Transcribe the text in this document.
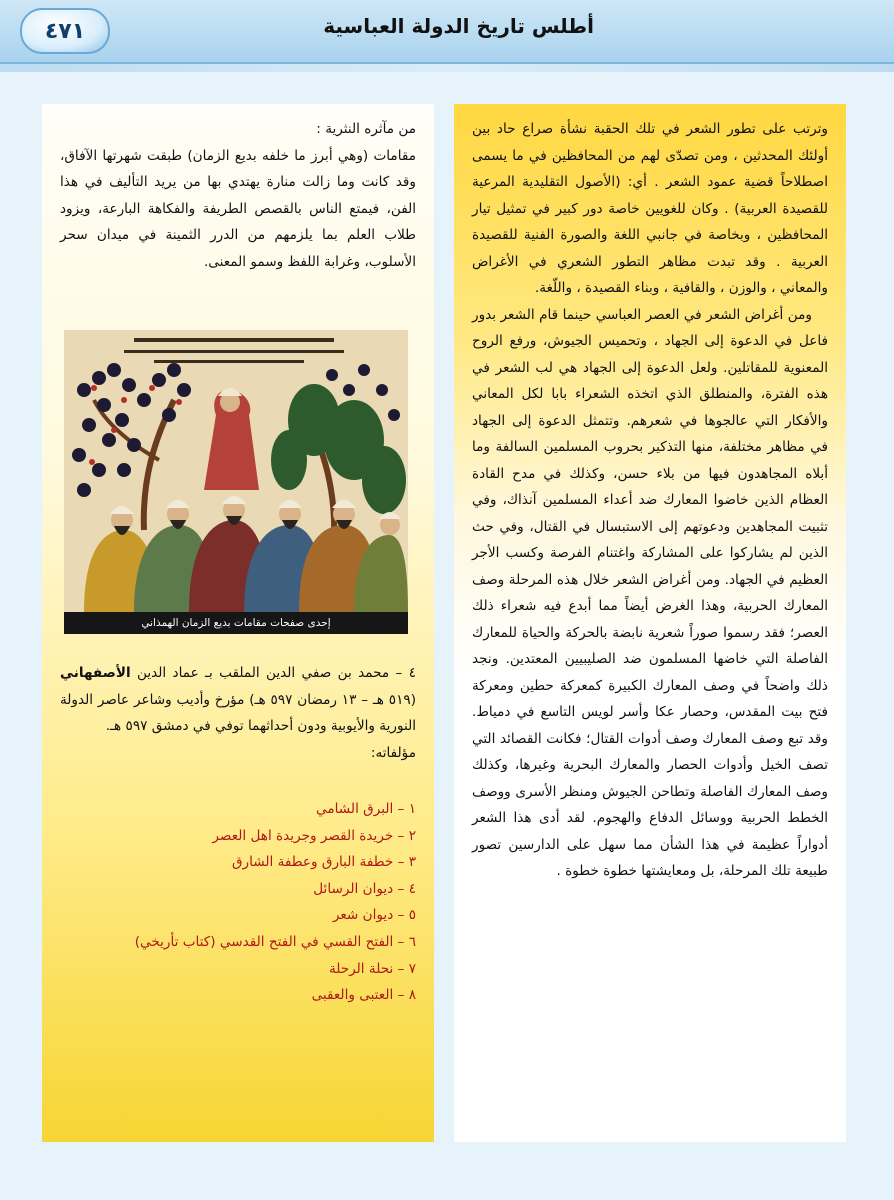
٤٧١	أطلس تاريخ الدولة العباسية

وترتب على تطور الشعر في تلك الحقبة نشأة صراع حاد بين أولئك المحدثين ، ومن تصدّى لهم من المحافظين في ما يسمى اصطلاحاً قضية عمود الشعر . أي: (الأصول التقليدية المرعية للقصيدة العربية) . وكان للغويين خاصة دور كبير في تمثيل تيار المحافظين ، وبخاصة في جانبي اللغة والصورة الفنية للقصيدة العربية . وقد تبدت مظاهر التطور الشعري في الأغراض والمعاني ، والوزن ، والقافية ، وبناء القصيدة ، واللّغة.

ومن أغراض الشعر في العصر العباسي حينما قام الشعر بدور فاعل في الدعوة إلى الجهاد ، وتحميس الجيوش، ورفع الروح المعنوية للمقاتلين. ولعل الدعوة إلى الجهاد هي لب الشعر في هذه الفترة، والمنطلق الذي اتخذه الشعراء بابا لكل المعاني والأفكار التي عالجوها في شعرهم. وتتمثل الدعوة إلى الجهاد في مظاهر مختلفة، منها التذكير بحروب المسلمين السالفة وما أبلاه المجاهدون فيها من بلاء حسن، وكذلك في مدح القادة العظام الذين خاضوا المعارك ضد أعداء المسلمين آنذاك، وفي تثبيت المجاهدين ودعوتهم إلى الاستبسال في القتال، وفي حث الذين لم يشاركوا على المشاركة واغتنام الفرصة وكسب الأجر العظيم في الجهاد. ومن أغراض الشعر خلال هذه المرحلة وصف المعارك الحربية، وهذا الغرض أيضاً مما أبدع فيه شعراء ذلك العصر؛ فقد رسموا صوراً شعرية نابضة بالحركة والحياة للمعارك الفاصلة التي خاضها المسلمون ضد الصليبيين المعتدين. ونجد ذلك واضحاً في وصف المعارك الكبيرة كمعركة حطين ومعركة فتح بيت المقدس، وحصار عكا وأسر لويس التاسع في دمياط. وقد تبع وصف المعارك وصف أدوات القتال؛ فكانت القصائد التي تصف الخيل وأدوات الحصار والمعارك البحرية وغيرها، وكذلك وصف المعارك الفاصلة وتطاحن الجيوش ومنظر الأسرى ووصف الخطط الحربية ووسائل الدفاع والهجوم. لقد أدى هذا الشعر أدواراً عظيمة في هذا الشأن مما سهل على الدارسين تصور طبيعة تلك المرحلة، بل ومعايشتها خطوة خطوة .

من مآثره النثرية :

مقامات (وهي أبرز ما خلفه بديع الزمان) طبقت شهرتها الآفاق، وقد كانت وما زالت منارة يهتدي بها من يريد التأليف في هذا الفن، فيمتع الناس بالقصص الطريفة والفكاهة البارعة، ويزود طلاب العلم بما يلزمهم من الدرر الثمينة في ميدان سحر الأسلوب، وغرابة اللفظ وسمو المعنى.

إحدى صفحات مقامات بديع الزمان الهمذاني

٤ – محمد بن صفي الدين الملقب بـ عماد الدين الأصفهاني (٥١٩ هـ – ١٣ رمضان ٥٩٧ هـ) مؤرخ وأديب وشاعر عاصر الدولة النورية والأيوبية ودون أحداثهما توفي في دمشق ٥٩٧ هـ.

مؤلفاته:

١ – البرق الشامي
٢ – خريدة القصر وجريدة اهل العصر
٣ – خطفة البارق وعطفة الشارق
٤ – ديوان الرسائل
٥ – ديوان شعر
٦ – الفتح القسي في الفتح القدسي (كتاب تأريخي)
٧ – نحلة الرحلة
٨ – العتبى والعقبى
